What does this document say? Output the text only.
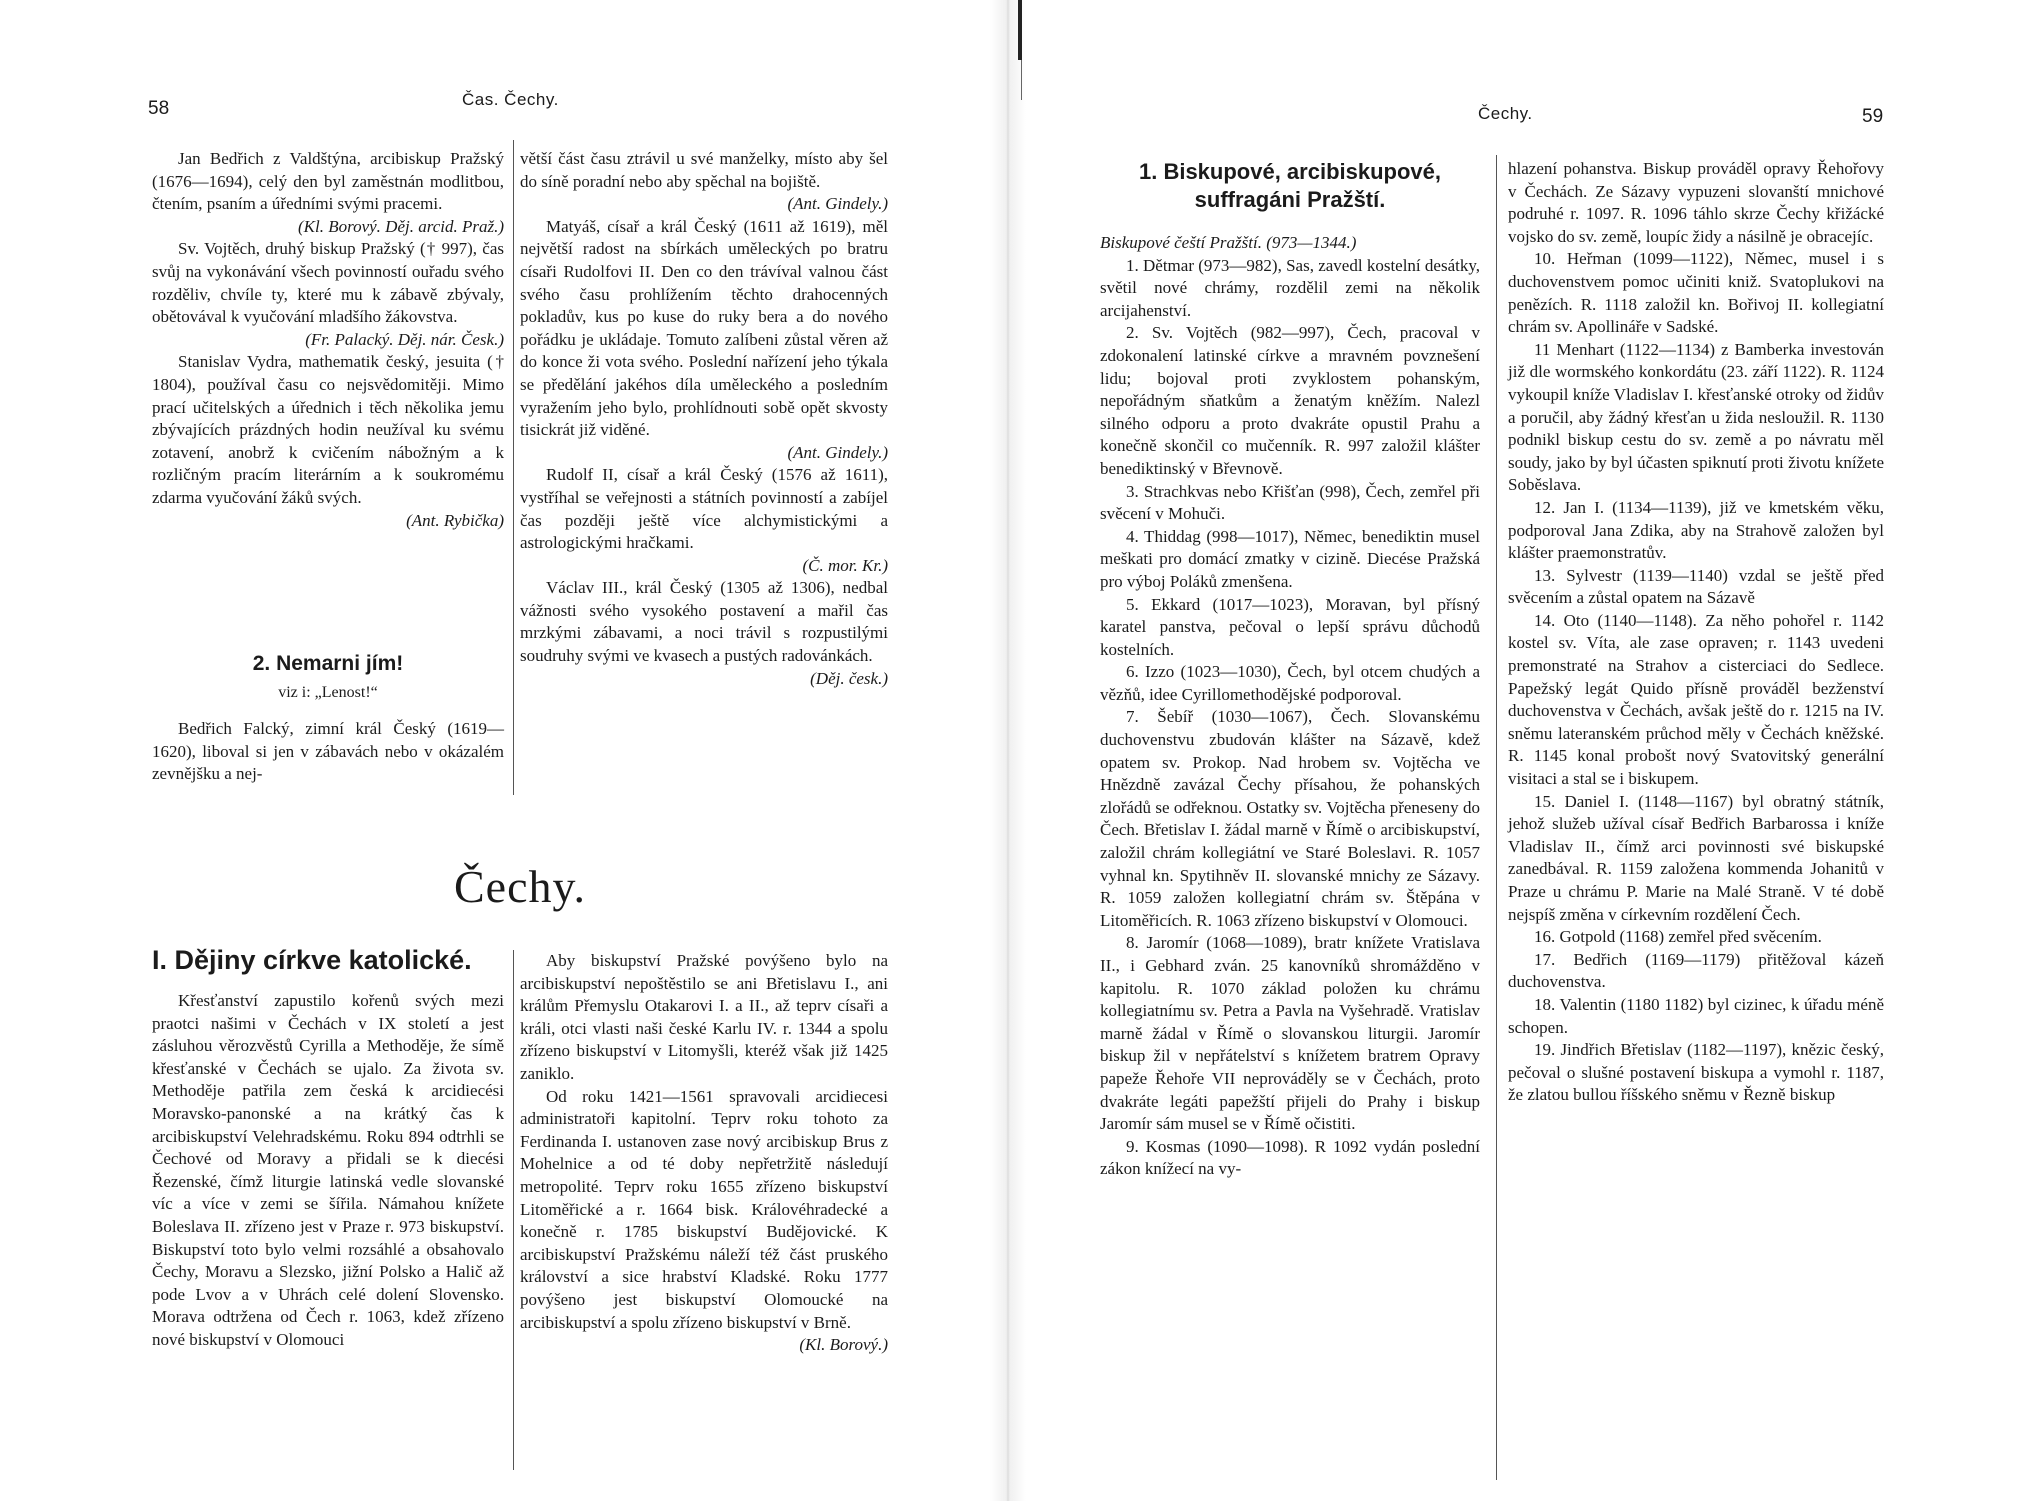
58	Čas. Čechy.

Jan Bedřich z Valdštýna, arcibiskup Pražský (1676—1694), celý den byl zaměstnán modlitbou, čtením, psaním a úředními svými pracemi.

(Kl. Borový. Děj. arcid. Praž.)

Sv. Vojtěch, druhý biskup Pražský († 997), čas svůj na vykonávání všech povinností ouřadu svého rozděliv, chvíle ty, které mu k zábavě zbývaly, obětovával k vyučování mladšího žákovstva.

(Fr. Palacký. Děj. nár. Česk.)

Stanislav Vydra, mathematik český, jesuita († 1804), používal času co nejsvědomitěji. Mimo prací učitelských a úřednich i těch několika jemu zbývajících prázdných hodin neužíval ku svému zotavení, anobrž k cvičením nábožným a k rozličným pracím literárním a k soukromému zdarma vyučování žáků svých.

(Ant. Rybička)
2. Nemarni jím!
viz i: „Lenost!“

Bedřich Falcký, zimní král Český (1619—1620), liboval si jen v zábavách nebo v okázalém zevnějšku a nej-

větší část času ztrávil u své manželky, místo aby šel do síně poradní nebo aby spěchal na bojiště.

(Ant. Gindely.)

Matyáš, císař a král Český (1611 až 1619), měl největší radost na sbírkách uměleckých po bratru císaři Rudolfovi II. Den co den trávíval valnou část svého času prohlížením těchto drahocenných pokladův, kus po kuse do ruky bera a do nového pořádku je ukládaje. Tomuto zalíbeni zůstal věren až do konce ži vota svého. Poslední nařízení jeho týkala se předělání jakéhos díla uměleckého a posledním vyražením jeho bylo, prohlídnouti sobě opět skvosty tisickrát již viděné.

(Ant. Gindely.)

Rudolf II, císař a král Český (1576 až 1611), vystříhal se veřejnosti a státních povinností a zabíjel čas později ještě více alchymistickými a astrologickými hračkami.

(Č. mor. Kr.)

Václav III., král Český (1305 až 1306), nedbal vážnosti svého vysokého postavení a mařil čas mrzkými zábavami, a noci trávil s rozpustilými soudruhy svými ve kvasech a pustých radovánkách.

(Děj. česk.)
Čechy.
I. Dějiny církve katolické.

Křesťanství zapustilo kořenů svých mezi praotci našimi v Čechách v IX století a jest zásluhou věrozvěstů Cyrilla a Methoděje, že símě křesťanské v Čechách se ujalo. Za života sv. Methoděje patřila zem česká k arcidiecési Moravsko-panonské a na krátký čas k arcibiskupství Velehradskému. Roku 894 odtrhli se Čechové od Moravy a přidali se k diecési Řezenské, čímž liturgie latinská vedle slovanské víc a více v zemi se šířila. Námahou knížete Boleslava II. zřízeno jest v Praze r. 973 biskupství. Biskupství toto bylo velmi rozsáhlé a obsahovalo Čechy, Moravu a Slezsko, jižní Polsko a Halič až pode Lvov a v Uhrách celé dolení Slovensko. Morava odtržena od Čech r. 1063, kdež zřízeno nové biskupství v Olomouci

Aby biskupství Pražské povýšeno bylo na arcibiskupství nepoštěstilo se ani Břetislavu I., ani králům Přemyslu Otakarovi I. a II., až teprv císaři a králi, otci vlasti naši české Karlu IV. r. 1344 a spolu zřízeno biskupství v Litomyšli, kteréž však již 1425 zaniklo.

Od roku 1421—1561 spravovali arcidiecesi administratoři kapitolní. Teprv roku tohoto za Ferdinanda I. ustanoven zase nový arcibiskup Brus z Mohelnice a od té doby nepřetržitě následují metropolité. Teprv roku 1655 zřízeno biskupství Litoměřické a r. 1664 bisk. Královéhradecké a konečně r. 1785 biskupství Budějovické. K arcibiskupství Pražskému náleží též část pruského království a sice hrabství Kladské. Roku 1777 povýšeno jest biskupství Olomoucké na arcibiskupství a spolu zřízeno biskupství v Brně.

(Kl. Borový.)
Čechy.	59
1. Biskupové, arcibiskupové, suffragáni Pražští.

Biskupové čeští Pražští. (973—1344.)

1. Dětmar (973—982), Sas, zavedl kostelní desátky, světil nové chrámy, rozdělil zemi na několik arcijahenství.

2. Sv. Vojtěch (982—997), Čech, pracoval v zdokonalení latinské církve a mravném povznešení lidu; bojoval proti zvyklostem pohanským, nepořádným sňatkům a ženatým kněžím. Nalezl silného odporu a proto dvakráte opustil Prahu a konečně skončil co mučenník. R. 997 založil klášter benediktinský v Břevnově.

3. Strachkvas nebo Křišťan (998), Čech, zemřel při svěcení v Mohuči.

4. Thiddag (998—1017), Němec, benediktin musel meškati pro domácí zmatky v cizině. Diecése Pražská pro výboj Poláků zmenšena.

5. Ekkard (1017—1023), Moravan, byl přísný karatel panstva, pečoval o lepší správu důchodů kostelních.

6. Izzo (1023—1030), Čech, byl otcem chudých a vězňů, idee Cyrillomethodějské podporoval.

7. Šebíř (1030—1067), Čech. Slovanskému duchovenstvu zbudován klášter na Sázavě, kdež opatem sv. Prokop. Nad hrobem sv. Vojtěcha ve Hnězdně zavázal Čechy přísahou, že pohanských zlořádů se odřeknou. Ostatky sv. Vojtěcha přeneseny do Čech. Břetislav I. žádal marně v Římě o arcibiskupství, založil chrám kollegiátní ve Staré Boleslavi. R. 1057 vyhnal kn. Spytihněv II. slovanské mnichy ze Sázavy. R. 1059 založen kollegiatní chrám sv. Štěpána v Litoměřicích. R. 1063 zřízeno biskupství v Olomouci.

8. Jaromír (1068—1089), bratr knížete Vratislava II., i Gebhard zván. 25 kanovníků shromážděno v kapitolu. R. 1070 základ položen ku chrámu kollegiatnímu sv. Petra a Pavla na Vyšehradě. Vratislav marně žádal v Římě o slovanskou liturgii. Jaromír biskup žil v nepřátelství s knížetem bratrem Opravy papeže Řehoře VII neprováděly se v Čechách, proto dvakráte legáti papežští přijeli do Prahy i biskup Jaromír sám musel se v Římě očistiti.

9. Kosmas (1090—1098). R 1092 vydán poslední zákon knížecí na vy-

hlazení pohanstva. Biskup prováděl opravy Řehořovy v Čechách. Ze Sázavy vypuzeni slovanští mnichové podruhé r. 1097. R. 1096 táhlo skrze Čechy křižácké vojsko do sv. země, loupíc židy a násilně je obracejíc.

10. Heřman (1099—1122), Němec, musel i s duchovenstvem pomoc učiniti kniž. Svatoplukovi na penězích. R. 1118 založil kn. Bořivoj II. kollegiatní chrám sv. Apollináře v Sadské.

11 Menhart (1122—1134) z Bamberka investován již dle wormského konkordátu (23. září 1122). R. 1124 vykoupil kníže Vladislav I. křesťanské otroky od židův a poručil, aby žádný křesťan u žida nesloužil. R. 1130 podnikl biskup cestu do sv. země a po návratu měl soudy, jako by byl účasten spiknutí proti životu knížete Soběslava.

12. Jan I. (1134—1139), již ve kmetském věku, podporoval Jana Zdika, aby na Strahově založen byl klášter praemonstratův.

13. Sylvestr (1139—1140) vzdal se ještě před svěcením a zůstal opatem na Sázavě

14. Oto (1140—1148). Za něho pohořel r. 1142 kostel sv. Víta, ale zase opraven; r. 1143 uvedeni premonstraté na Strahov a cisterciaci do Sedlece. Papežský legát Quido přísně prováděl bezženství duchovenstva v Čechách, avšak ještě do r. 1215 na IV. sněmu lateranském průchod měly v Čechách kněžské. R. 1145 konal probošt nový Svatovitský generální visitaci a stal se i biskupem.

15. Daniel I. (1148—1167) byl obratný státník, jehož služeb užíval císař Bedřich Barbarossa i kníže Vladislav II., čímž arci povinnosti své biskupské zanedbával. R. 1159 založena kommenda Johanitů v Praze u chrámu P. Marie na Malé Straně. V té době nejspíš změna v církevním rozdělení Čech.

16. Gotpold (1168) zemřel před svěcením.

17. Bedřich (1169—1179) přitěžoval kázeň duchovenstva.

18. Valentin (1180 1182) byl cizinec, k úřadu méně schopen.

19. Jindřich Břetislav (1182—1197), knězic český, pečoval o slušné postavení biskupa a vymohl r. 1187, že zlatou bullou říšského sněmu v Řezně biskup
